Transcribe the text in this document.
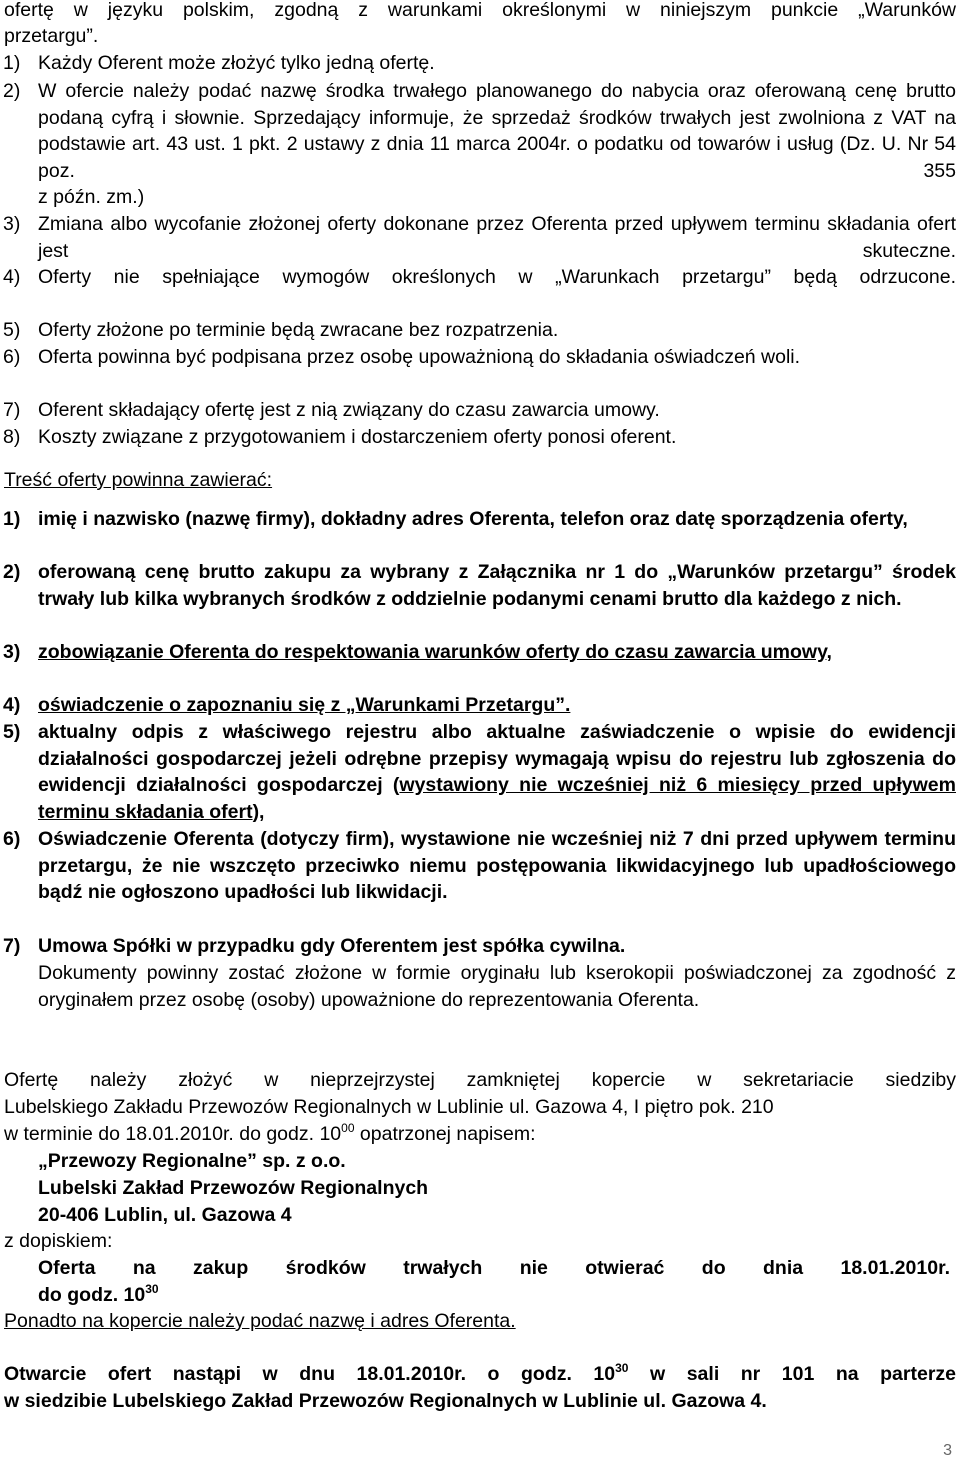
ofertę w języku polskim, zgodną z warunkami określonymi w niniejszym punkcie „Warunków
przetargu”.
1) Każdy Oferent może złożyć tylko jedną ofertę.
2) W ofercie należy podać nazwę środka trwałego planowanego do nabycia oraz oferowaną cenę brutto podaną cyfrą i słownie. Sprzedający informuje, że sprzedaż środków trwałych jest zwolniona z VAT na podstawie art. 43 ust. 1 pkt. 2 ustawy z dnia 11 marca 2004r. o podatku od towarów i usług (Dz. U. Nr 54 poz. 355
z późn. zm.)
3) Zmiana albo wycofanie złożonej oferty dokonane przez Oferenta przed upływem terminu składania ofert jest skuteczne.
4) Oferty nie spełniające wymogów określonych w „Warunkach przetargu” będą odrzucone.
5) Oferty złożone po terminie będą zwracane bez rozpatrzenia.
6) Oferta powinna być podpisana przez osobę upoważnioną do składania oświadczeń woli.
7) Oferent składający ofertę jest z nią związany do czasu zawarcia umowy.
8) Koszty związane z przygotowaniem i dostarczeniem oferty ponosi oferent.
Treść oferty powinna zawierać:
1) imię i nazwisko (nazwę firmy), dokładny adres Oferenta, telefon oraz datę sporządzenia oferty,
2) oferowaną cenę brutto zakupu za wybrany z Załącznika nr 1 do „Warunków przetargu” środek trwały lub kilka wybranych środków z oddzielnie podanymi cenami brutto dla każdego z nich.
3) zobowiązanie Oferenta do respektowania warunków oferty do czasu zawarcia umowy,
4) oświadczenie o zapoznaniu się z „Warunkami Przetargu”.
5) aktualny odpis z właściwego rejestru albo aktualne zaświadczenie o wpisie do ewidencji działalności gospodarczej jeżeli odrębne przepisy wymagają wpisu do rejestru lub zgłoszenia do ewidencji działalności gospodarczej (wystawiony nie wcześniej niż 6 miesięcy przed upływem terminu składania ofert),
6) Oświadczenie Oferenta (dotyczy firm), wystawione nie wcześniej niż 7 dni przed upływem terminu przetargu, że nie wszczęto przeciwko niemu postępowania likwidacyjnego lub upadłościowego bądź nie ogłoszono upadłości lub likwidacji.
7) Umowa Spółki w przypadku gdy Oferentem jest spółka cywilna.
Dokumenty powinny zostać złożone w formie oryginału lub kserokopii poświadczonej za zgodność z oryginałem przez osobę (osoby) upoważnione do reprezentowania Oferenta.
Ofertę należy złożyć w nieprzejrzystej zamkniętej kopercie w sekretariacie siedziby
Lubelskiego Zakładu Przewozów Regionalnych w Lublinie ul. Gazowa 4, I piętro pok. 210
w terminie do 18.01.2010r. do godz. $10^{00}$ opatrzonej napisem:
„Przewozy Regionalne” sp. z o.o.
Lubelski Zakład Przewozów Regionalnych
20-406 Lublin, ul. Gazowa 4
z dopiskiem:
Oferta na zakup środków trwałych nie otwierać do dnia 18.01.2010r.
do godz. $10^{30}$
Ponadto na kopercie należy podać nazwę i adres Oferenta.
Otwarcie ofert nastąpi w dnu 18.01.2010r. o godz. $10^{30}$ w sali nr 101 na parterze
w siedzibie Lubelskiego Zakład Przewozów Regionalnych w Lublinie ul. Gazowa 4.
3
